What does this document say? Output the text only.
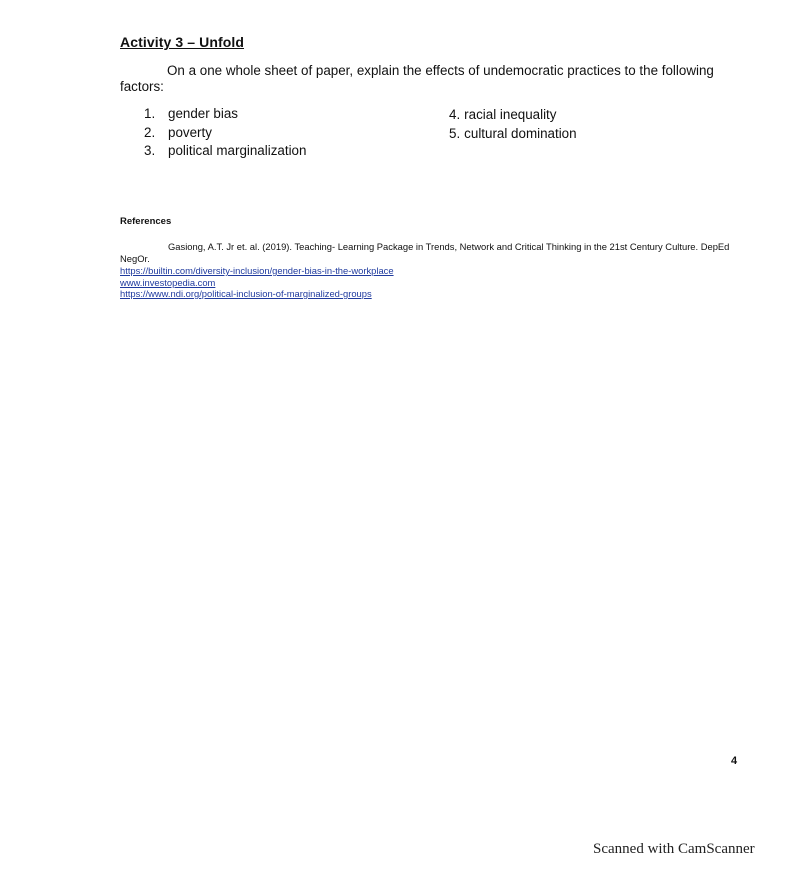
Activity 3 – Unfold
On a one whole sheet of paper, explain the effects of undemocratic practices to the following factors:
1. gender bias
2. poverty
3. political marginalization
4. racial inequality
5. cultural domination
References
Gasiong, A.T. Jr et. al. (2019). Teaching- Learning Package in Trends, Network and Critical Thinking in the 21st Century Culture. DepEd NegOr.
https://builtin.com/diversity-inclusion/gender-bias-in-the-workplace
www.investopedia.com
https://www.ndi.org/political-inclusion-of-marginalized-groups
4
Scanned with CamScanner
